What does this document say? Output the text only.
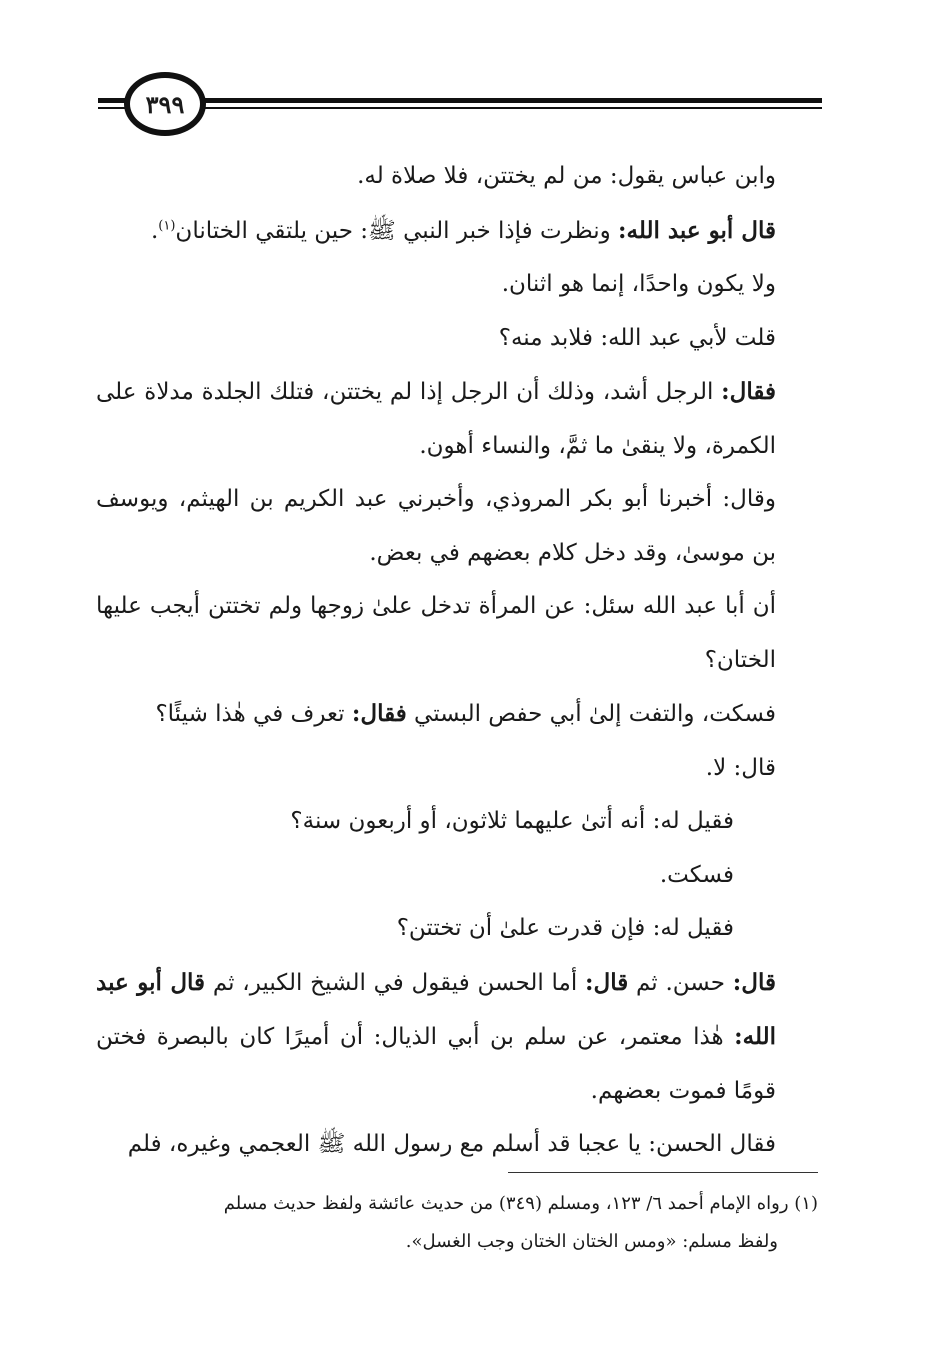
٣٩٩

وابن عباس يقول: من لم يختتن، فلا صلاة له.

قال أبو عبد الله: ونظرت فإذا خبر النبي ﷺ: حين يلتقي الختانان$^{(١)}$.

ولا يكون واحدًا، إنما هو اثنان.

قلت لأبي عبد الله: فلابد منه؟

فقال: الرجل أشد، وذلك أن الرجل إذا لم يختتن، فتلك الجلدة مدلاة على الكمرة، ولا ينقىٰ ما ثمَّ، والنساء أهون.

وقال: أخبرنا أبو بكر المروذي، وأخبرني عبد الكريم بن الهيثم، ويوسف بن موسىٰ، وقد دخل كلام بعضهم في بعض.

أن أبا عبد الله سئل: عن المرأة تدخل علىٰ زوجها ولم تختتن أيجب عليها الختان؟

فسكت، والتفت إلىٰ أبي حفص البستي فقال: تعرف في هٰذا شيئًا؟

قال: لا.

فقيل له: أنه أتىٰ عليهما ثلاثون، أو أربعون سنة؟

فسكت.

فقيل له: فإن قدرت علىٰ أن تختتن؟

قال: حسن. ثم قال: أما الحسن فيقول في الشيخ الكبير، ثم قال أبو عبد الله: هٰذا معتمر، عن سلم بن أبي الذيال: أن أميرًا كان بالبصرة فختن قومًا فموت بعضهم.

فقال الحسن: يا عجبا قد أسلم مع رسول الله ﷺ العجمي وغيره، فلم

(١) رواه الإمام أحمد ٦/ ١٢٣، ومسلم (٣٤٩) من حديث عائشة ولفظ حديث مسلم

ولفظ مسلم: «ومس الختان الختان وجب الغسل».
